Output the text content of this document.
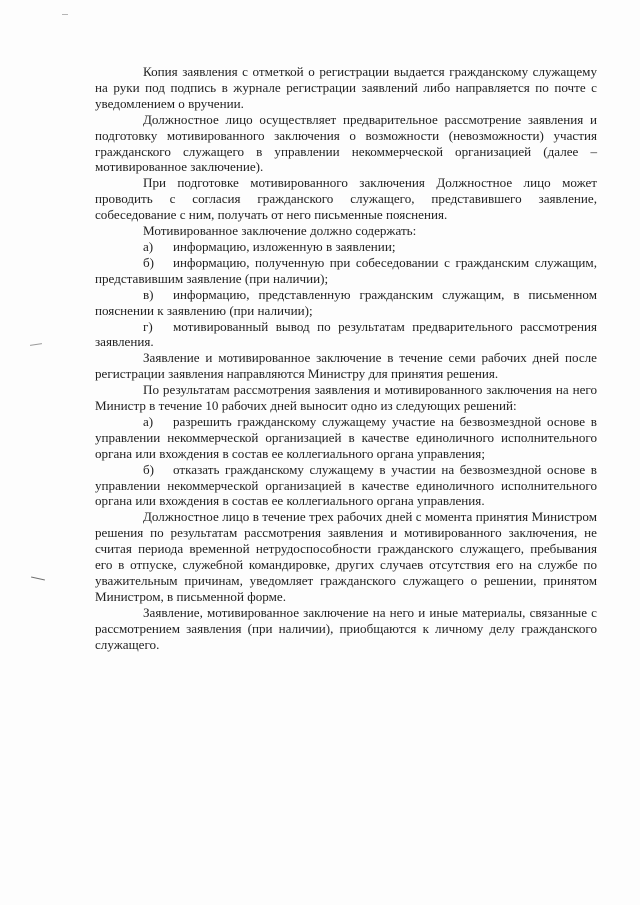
Копия заявления с отметкой о регистрации выдается гражданскому служащему на руки под подпись в журнале регистрации заявлений либо направляется по почте с уведомлением о вручении.

Должностное лицо осуществляет предварительное рассмотрение заявления и подготовку мотивированного заключения о возможности (невозможности) участия гражданского служащего в управлении некоммерческой организацией (далее – мотивированное заключение).

При подготовке мотивированного заключения Должностное лицо может проводить с согласия гражданского служащего, представившего заявление, собеседование с ним, получать от него письменные пояснения.

Мотивированное заключение должно содержать:

а) информацию, изложенную в заявлении;

б) информацию, полученную при собеседовании с гражданским служащим, представившим заявление (при наличии);

в) информацию, представленную гражданским служащим, в письменном пояснении к заявлению (при наличии);

г) мотивированный вывод по результатам предварительного рассмотрения заявления.

Заявление и мотивированное заключение в течение семи рабочих дней после регистрации заявления направляются Министру для принятия решения.

По результатам рассмотрения заявления и мотивированного заключения на него Министр в течение 10 рабочих дней выносит одно из следующих решений:

а) разрешить гражданскому служащему участие на безвозмездной основе в управлении некоммерческой организацией в качестве единоличного исполнительного органа или вхождения в состав ее коллегиального органа управления;

б) отказать гражданскому служащему в участии на безвозмездной основе в управлении некоммерческой организацией в качестве единоличного исполнительного органа или вхождения в состав ее коллегиального органа управления.

Должностное лицо в течение трех рабочих дней с момента принятия Министром решения по результатам рассмотрения заявления и мотивированного заключения, не считая периода временной нетрудоспособности гражданского служащего, пребывания его в отпуске, служебной командировке, других случаев отсутствия его на службе по уважительным причинам, уведомляет гражданского служащего о решении, принятом Министром, в письменной форме.

Заявление, мотивированное заключение на него и иные материалы, связанные с рассмотрением заявления (при наличии), приобщаются к личному делу гражданского служащего.
